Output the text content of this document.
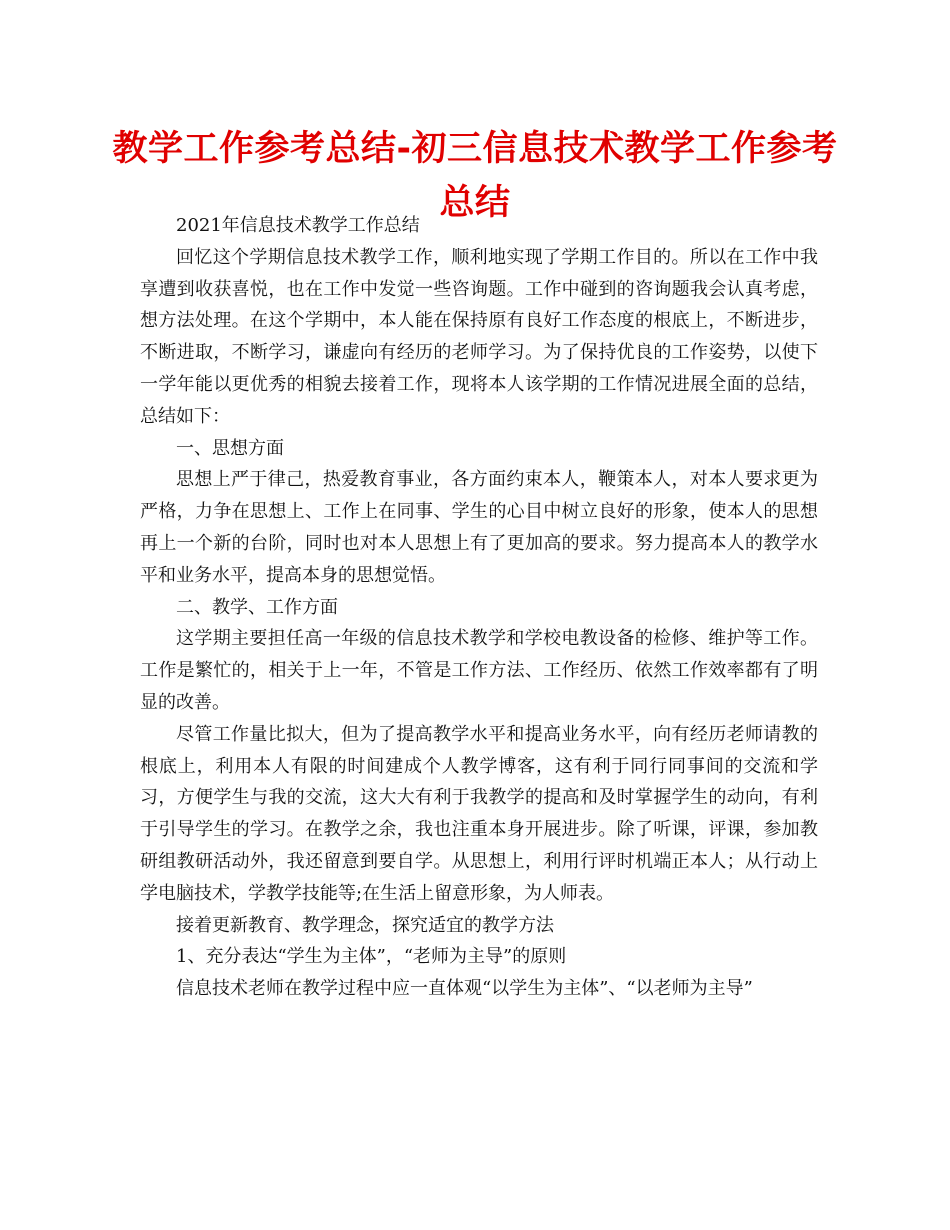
教学工作参考总结-初三信息技术教学工作参考总结

2021年信息技术教学工作总结

回忆这个学期信息技术教学工作，顺利地实现了学期工作目的。所以在工作中我享遭到收获喜悦，也在工作中发觉一些咨询题。工作中碰到的咨询题我会认真考虑，想方法处理。在这个学期中，本人能在保持原有良好工作态度的根底上，不断进步，不断进取，不断学习，谦虚向有经历的老师学习。为了保持优良的工作姿势，以使下一学年能以更优秀的相貌去接着工作，现将本人该学期的工作情况进展全面的总结，总结如下：

一、思想方面

思想上严于律己，热爱教育事业，各方面约束本人，鞭策本人，对本人要求更为严格，力争在思想上、工作上在同事、学生的心目中树立良好的形象，使本人的思想再上一个新的台阶，同时也对本人思想上有了更加高的要求。努力提高本人的教学水平和业务水平，提高本身的思想觉悟。

二、教学、工作方面

这学期主要担任高一年级的信息技术教学和学校电教设备的检修、维护等工作。工作是繁忙的，相关于上一年，不管是工作方法、工作经历、依然工作效率都有了明显的改善。

尽管工作量比拟大，但为了提高教学水平和提高业务水平，向有经历老师请教的根底上，利用本人有限的时间建成个人教学博客，这有利于同行同事间的交流和学习，方便学生与我的交流，这大大有利于我教学的提高和及时掌握学生的动向，有利于引导学生的学习。在教学之余，我也注重本身开展进步。除了听课，评课，参加教研组教研活动外，我还留意到要自学。从思想上，利用行评时机端正本人；从行动上学电脑技术，学教学技能等;在生活上留意形象，为人师表。

接着更新教育、教学理念，探究适宜的教学方法

1、充分表达“学生为主体”，“老师为主导”的原则

信息技术老师在教学过程中应一直体观“以学生为主体”、“以老师为主导”
